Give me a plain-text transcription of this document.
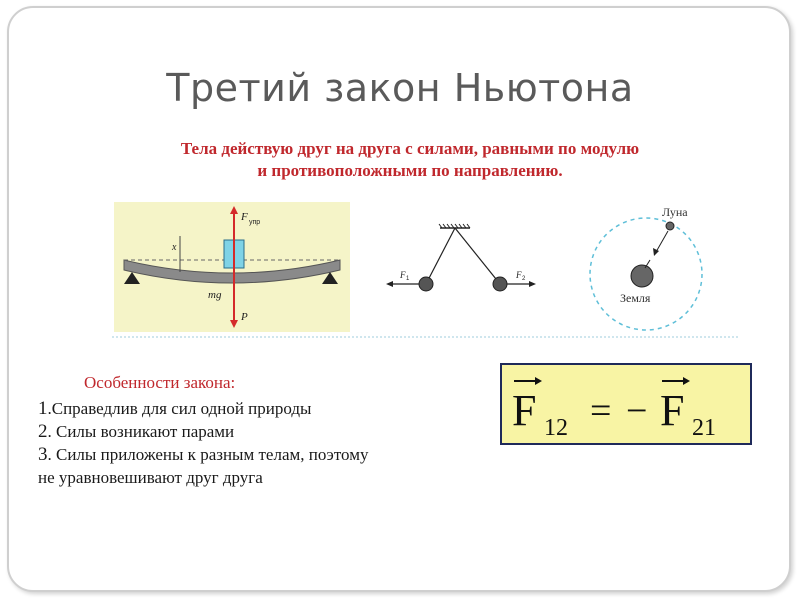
Третий закон Ньютона
Тела действую друг на друга с силами, равными по модулю
и противоположными по направлению.
x
F упр
mg
P
F 1	F 2
Луна
Земля
Особенности закона:
1.Справедлив для сил одной природы
2. Силы возникают парами
3. Силы приложены к разным телам, поэтому
не уравновешивают друг друга
F 12 = − F 21
